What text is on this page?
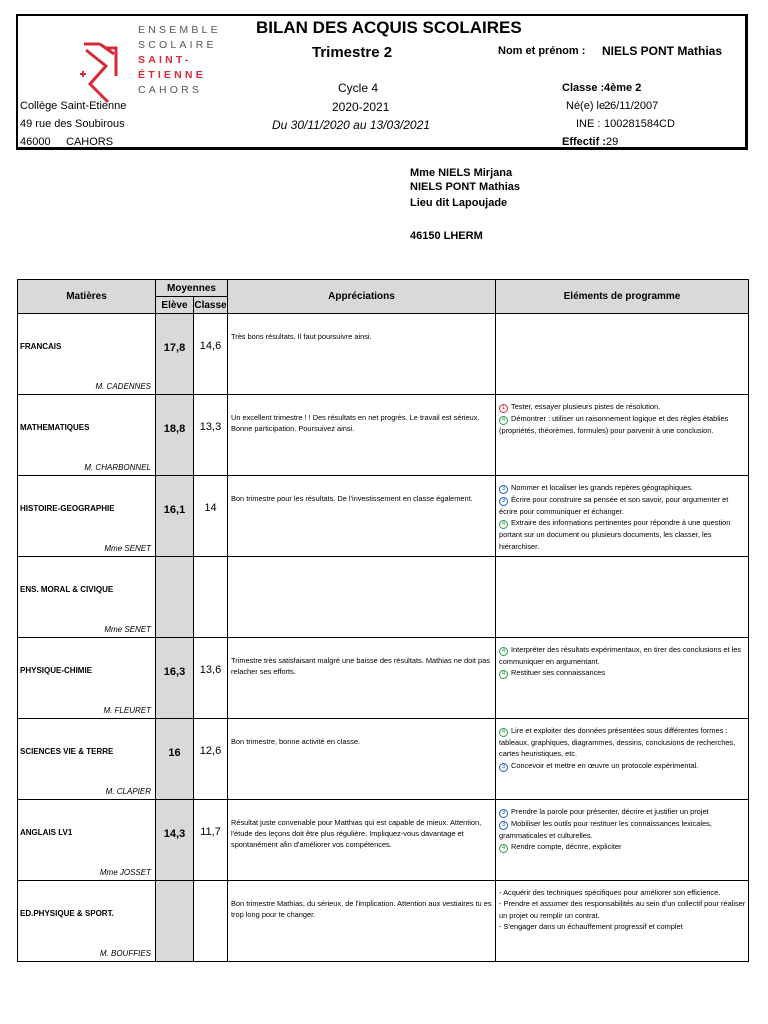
ENSEMBLE
SCOLAIRE
SAINT-
ÉTIENNE
CAHORS
BILAN DES ACQUIS SCOLAIRES
Trimestre 2
Cycle 4
2020-2021
Du 30/11/2020 au 13/03/2021
Collège Saint-Etienne
49 rue des Soubirous
46000 CAHORS
Nom et prénom : NIELS PONT Mathias
Classe : 4ème 2
Né(e) le :
26/11/2007
INE : 100281584CD
Effectif : 29
Mme NIELS Mirjana
NIELS PONT Mathias
Lieu dit Lapoujade
46150 LHERM
Matières	Moyennes		Appréciations	Eléments de programme
	Elève	Classe		

FRANCAIS
M. CADENNES	17,8	14,6	Très bons résultats. Il faut poursuivre ainsi.	

MATHEMATIQUES
M. CHARBONNEL	18,8	13,3	Un excellent trimestre ! ! Des résultats en net progrès. Le travail est sérieux. Bonne participation. Poursuivez ainsi.	1 Tester, essayer plusieurs pistes de résolution.
4 Démontrer : utiliser un raisonnement logique et des règles établies (propriétés, théorèmes, formules) pour parvenir à une conclusion.

HISTOIRE-GEOGRAPHIE
Mme SENET	16,1	14	Bon trimestre pour les résultats. De l'investissement en classe également.	3 Nommer et localiser les grands repères géographiques.
3 Écrire pour construire sa pensée et son savoir, pour argumenter et écrire pour communiquer et échanger.
4 Extraire des informations pertinentes pour répondre à une question portant sur un document ou plusieurs documents, les classer, les hiérarchiser.

ENS. MORAL & CIVIQUE
Mme SENET				

PHYSIQUE-CHIMIE
M. FLEURET	16,3	13,6	Trimestre très satisfaisant malgré une baisse des résultats. Mathias ne doit pas relacher ses efforts.	4 Interpréter des résultats expérimentaux, en tirer des conclusions et les communiquer en argumentant.
4 Restituer ses connaissances

SCIENCES VIE & TERRE
M. CLAPIER	16	12,6	Bon trimestre, bonne activité en classe.	4 Lire et exploiter des données présentées sous différentes formes : tableaux, graphiques, diagrammes, dessins, conclusions de recherches, cartes heuristiques, etc.
3 Concevoir et mettre en œuvre un protocole expérimental.

ANGLAIS LV1
Mme JOSSET	14,3	11,7	Résultat juste convenable pour Matthias qui est capable de mieux. Attention, l'étude des leçons doit être plus régulière. Impliquez-vous davantage et spontanément afin d'améliorer vos compétences.	3 Prendre la parole pour présenter, décrire et justifier un projet
3 Mobiliser les outils pour restituer les connaissances lexicales, grammaticales et culturelles.
4 Rendre compte, décrire, expliciter

ED.PHYSIQUE & SPORT.
M. BOUFFIES			Bon trimestre Mathias, du sérieux, de l'implication. Attention aux vestiaires tu es trop long pour te changer.	- Acquérir des techniques spécifiques pour améliorer son efficience.
- Prendre et assumer des responsabilités au sein d'un collectif pour réaliser un projet ou remplir un contrat.
- S'engager dans un échauffement progressif et complet
